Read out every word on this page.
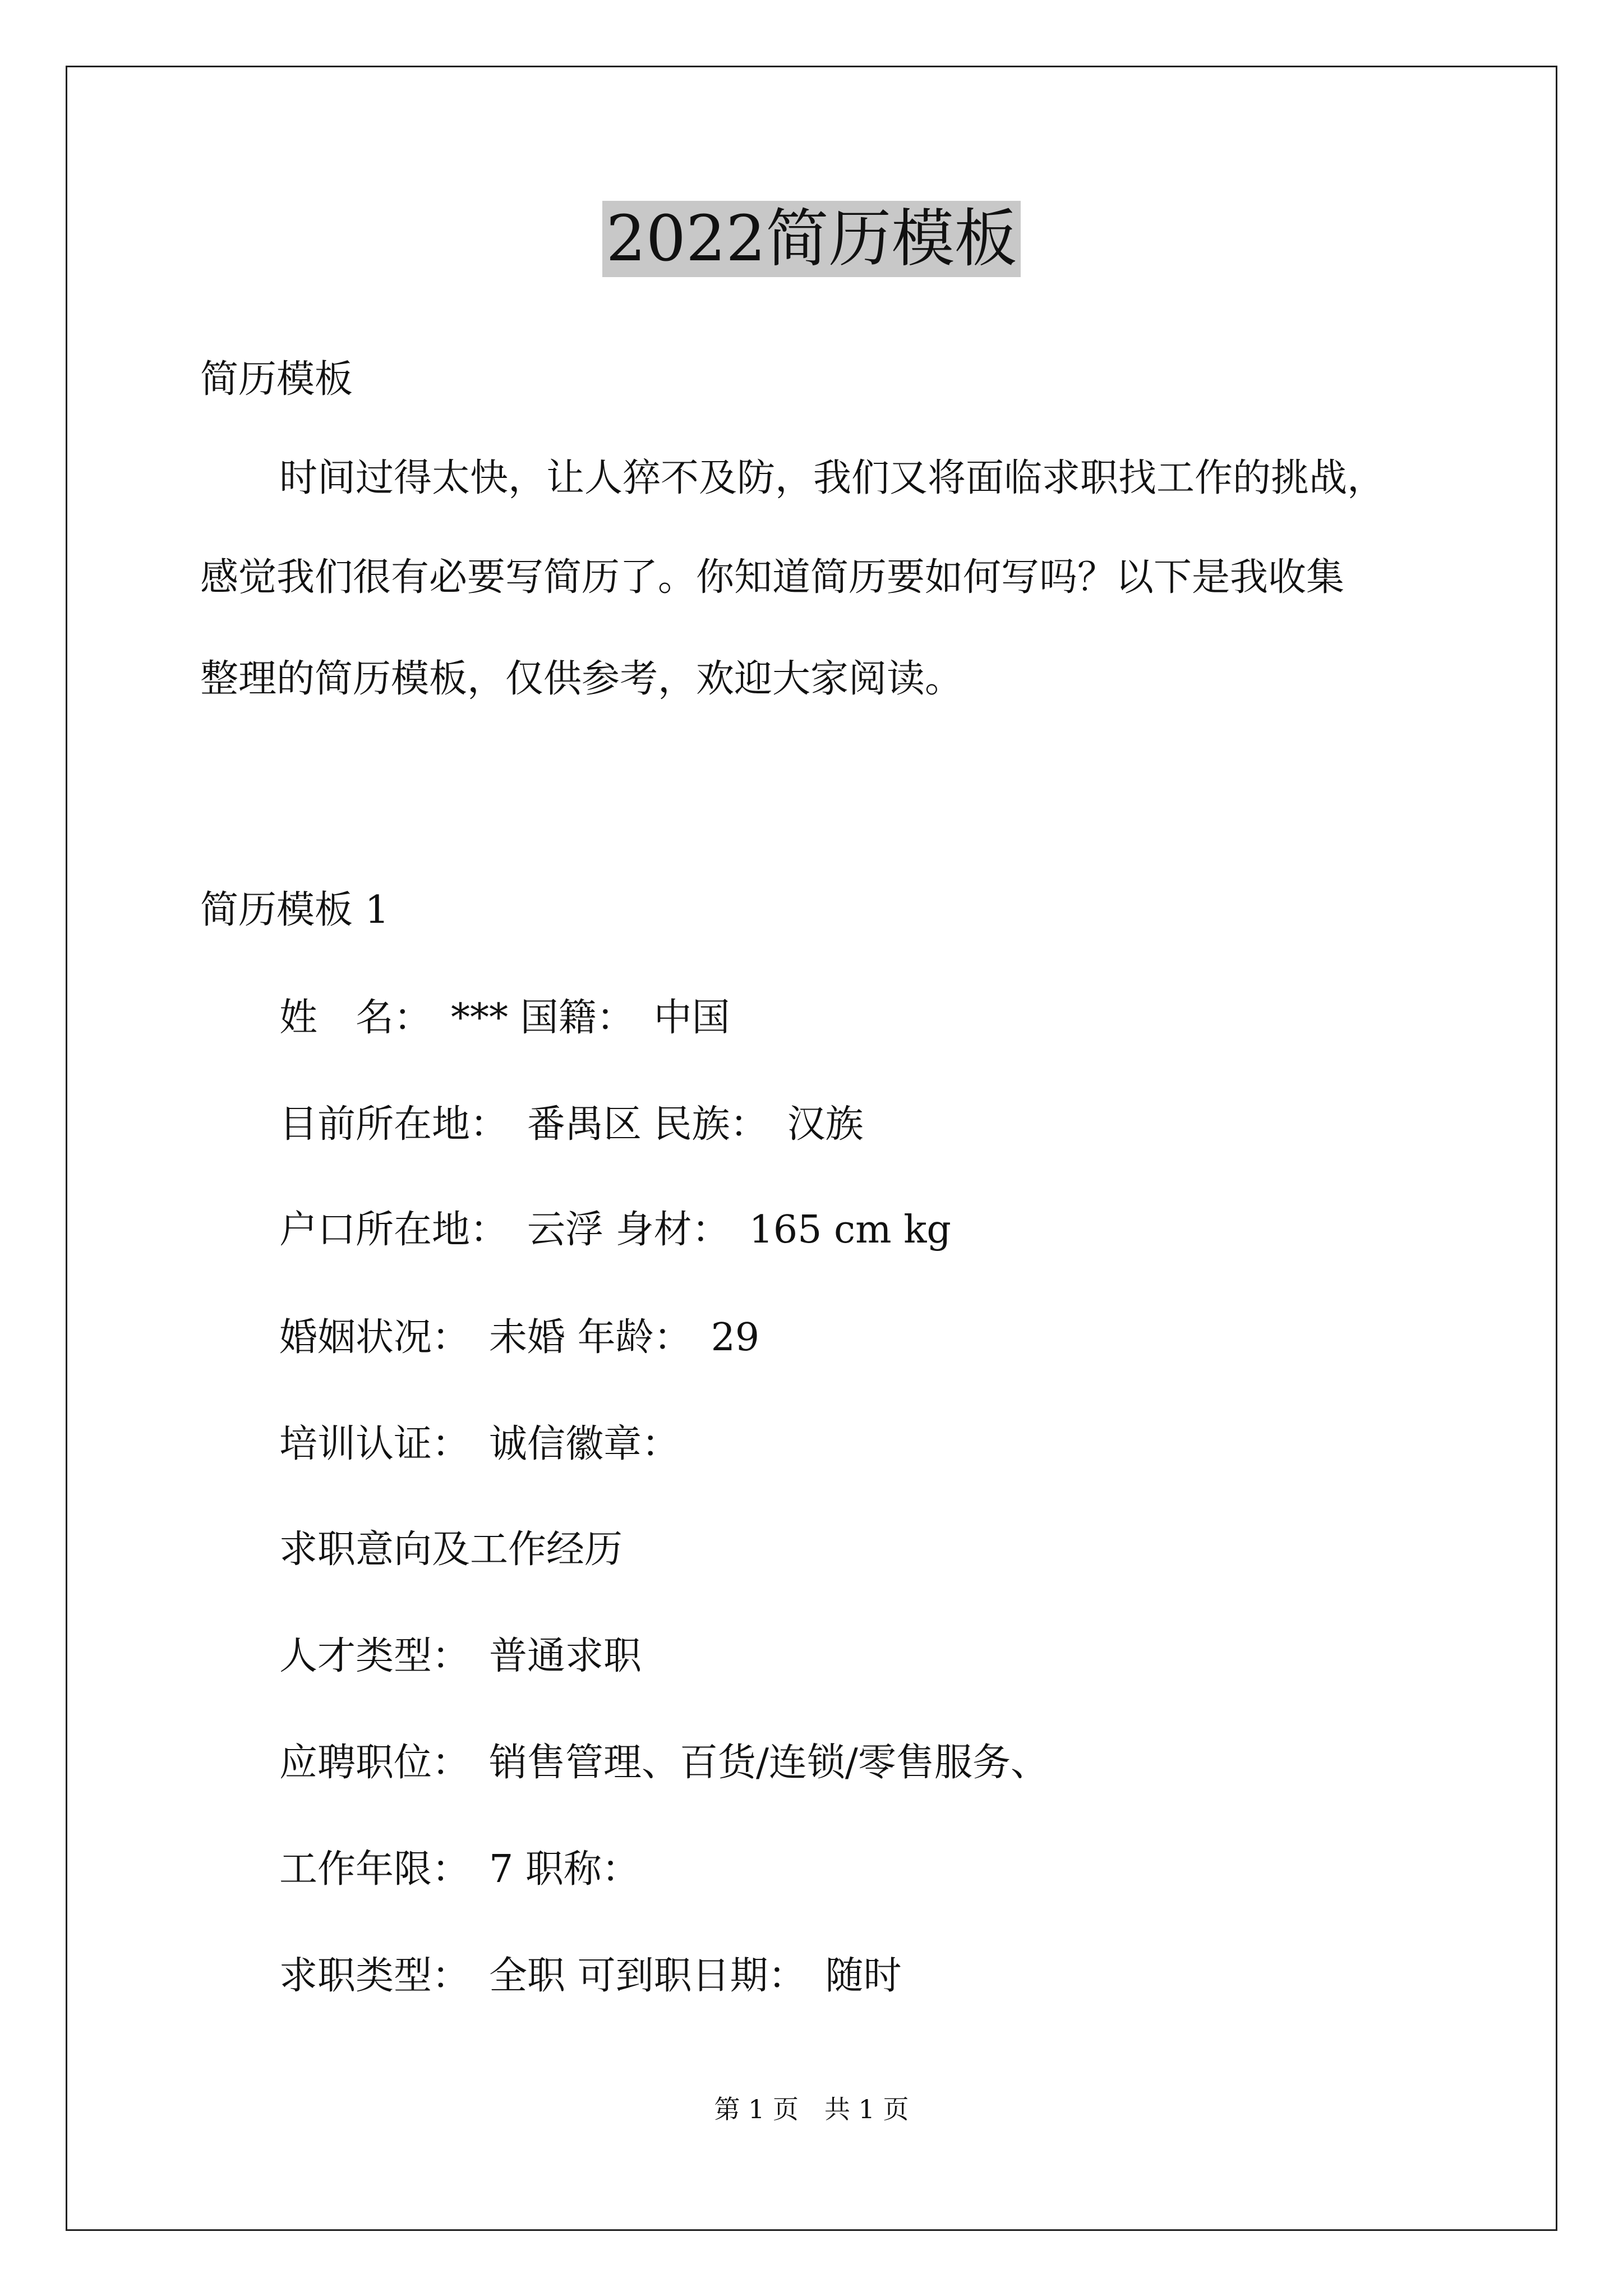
2022简历模板
简历模板
时间过得太快，让人猝不及防，我们又将面临求职找工作的挑战，
感觉我们很有必要写简历了。你知道简历要如何写吗？以下是我收集
整理的简历模板，仅供参考，欢迎大家阅读。
简历模板 1
姓　名：　*** 国籍：　中国
目前所在地：　番禺区 民族：　汉族
户口所在地：　云浮 身材：　165 cm kg
婚姻状况：　未婚 年龄：　29
培训认证：　诚信徽章：
求职意向及工作经历
人才类型：　普通求职
应聘职位：　销售管理、百货/连锁/零售服务、
工作年限：　7 职称：
求职类型：　全职 可到职日期：　随时
第 1 页　共 1 页
